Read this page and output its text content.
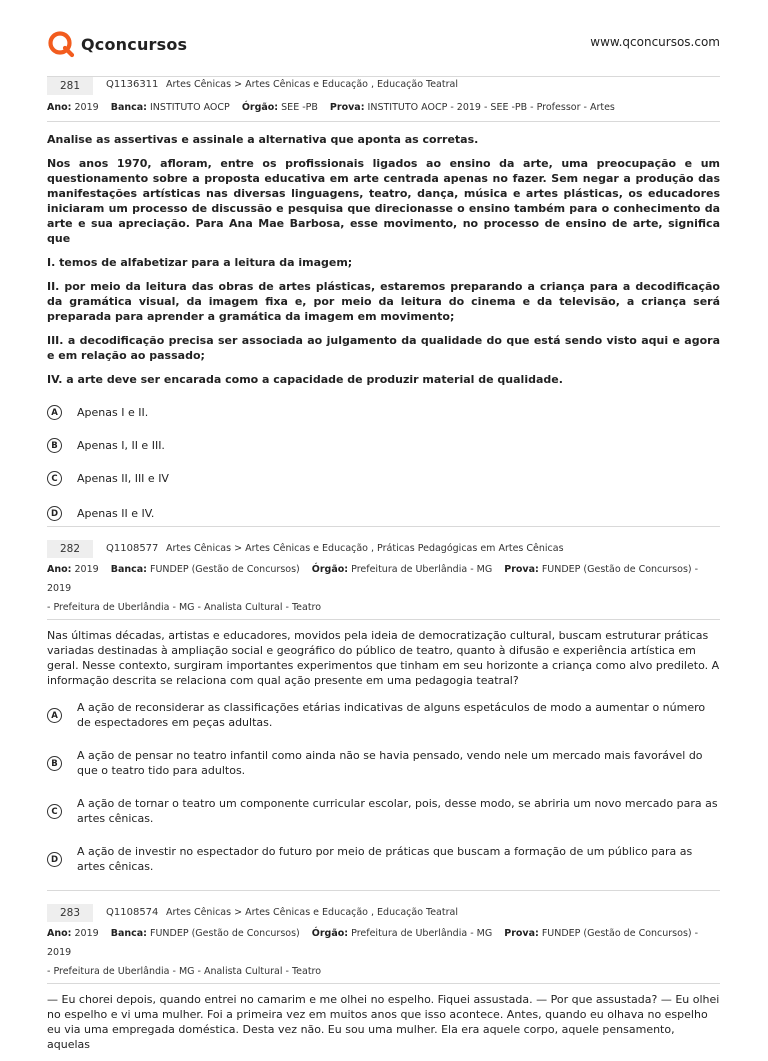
Qconcursos	www.qconcursos.com
281	Q1136311 Artes Cênicas > Artes Cênicas e Educação , Educação Teatral
Ano: 2019 Banca: INSTITUTO AOCP Órgão: SEE -PB Prova: INSTITUTO AOCP - 2019 - SEE -PB - Professor - Artes

Analise as assertivas e assinale a alternativa que aponta as corretas.

Nos anos 1970, afloram, entre os profissionais ligados ao ensino da arte, uma preocupação e um questionamento sobre a proposta educativa em arte centrada apenas no fazer. Sem negar a produção das manifestações artísticas nas diversas linguagens, teatro, dança, música e artes plásticas, os educadores iniciaram um processo de discussão e pesquisa que direcionasse o ensino também para o conhecimento da arte e sua apreciação. Para Ana Mae Barbosa, esse movimento, no processo de ensino de arte, significa que

I. temos de alfabetizar para a leitura da imagem;

II. por meio da leitura das obras de artes plásticas, estaremos preparando a criança para a decodificação da gramática visual, da imagem fixa e, por meio da leitura do cinema e da televisão, a criança será preparada para aprender a gramática da imagem em movimento;

III. a decodificação precisa ser associada ao julgamento da qualidade do que está sendo visto aqui e agora e em relação ao passado;

IV. a arte deve ser encarada como a capacidade de produzir material de qualidade.

A	Apenas I e II.
B	Apenas I, II e III.
C	Apenas II, III e IV
D	Apenas II e IV.
282	Q1108577 Artes Cênicas > Artes Cênicas e Educação , Práticas Pedagógicas em Artes Cênicas
Ano: 2019 Banca: FUNDEP (Gestão de Concursos) Órgão: Prefeitura de Uberlândia - MG Prova: FUNDEP (Gestão de Concursos) - 2019
- Prefeitura de Uberlândia - MG - Analista Cultural - Teatro

Nas últimas décadas, artistas e educadores, movidos pela ideia de democratização cultural, buscam estruturar práticas variadas destinadas à ampliação social e geográfico do público de teatro, quanto à difusão e experiência artística em geral. Nesse contexto, surgiram importantes experimentos que tinham em seu horizonte a criança como alvo predileto. A informação descrita se relaciona com qual ação presente em uma pedagogia teatral?

A
A ação de reconsiderar as classificações etárias indicativas de alguns espetáculos de modo a aumentar o número de espectadores em peças adultas.
B
A ação de pensar no teatro infantil como ainda não se havia pensado, vendo nele um mercado mais favorável do que o teatro tido para adultos.
C
A ação de tornar o teatro um componente curricular escolar, pois, desse modo, se abriria um novo mercado para as artes cênicas.
D
A ação de investir no espectador do futuro por meio de práticas que buscam a formação de um público para as artes cênicas.
283	Q1108574 Artes Cênicas > Artes Cênicas e Educação , Educação Teatral
Ano: 2019 Banca: FUNDEP (Gestão de Concursos) Órgão: Prefeitura de Uberlândia - MG Prova: FUNDEP (Gestão de Concursos) - 2019
- Prefeitura de Uberlândia - MG - Analista Cultural - Teatro

— Eu chorei depois, quando entrei no camarim e me olhei no espelho. Fiquei assustada. — Por que assustada? — Eu olhei no espelho e vi uma mulher. Foi a primeira vez em muitos anos que isso acontece. Antes, quando eu olhava no espelho eu via uma empregada doméstica. Desta vez não. Eu sou uma mulher. Ela era aquele corpo, aquele pensamento, aquelas
